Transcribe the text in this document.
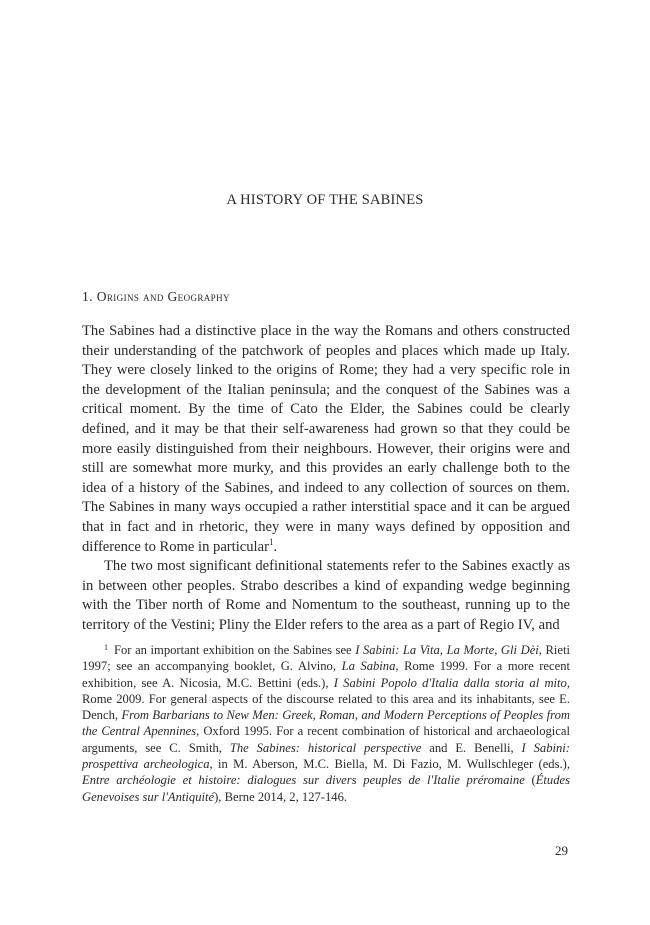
A HISTORY OF THE SABINES
1. Origins and Geography

The Sabines had a distinctive place in the way the Romans and others constructed their understanding of the patchwork of peoples and places which made up Italy. They were closely linked to the origins of Rome; they had a very specific role in the development of the Italian peninsula; and the conquest of the Sabines was a critical moment. By the time of Cato the Elder, the Sabines could be clearly defined, and it may be that their self-awareness had grown so that they could be more easily distinguished from their neighbours. However, their origins were and still are somewhat more murky, and this provides an early challenge both to the idea of a history of the Sabines, and indeed to any collection of sources on them. The Sabines in many ways occupied a rather interstitial space and it can be argued that in fact and in rhetoric, they were in many ways defined by opposition and difference to Rome in particular$^1$.

The two most significant definitional statements refer to the Sabines exactly as in between other peoples. Strabo describes a kind of expanding wedge beginning with the Tiber north of Rome and Nomentum to the southeast, running up to the territory of the Vestini; Pliny the Elder refers to the area as a part of Regio IV, and

$^1$ For an important exhibition on the Sabines see I Sabini: La Vita, La Morte, Gli Dèi, Rieti 1997; see an accompanying booklet, G. Alvino, La Sabina, Rome 1999. For a more recent exhibition, see A. Nicosia, M.C. Bettini (eds.), I Sabini Popolo d'Italia dalla storia al mito, Rome 2009. For general aspects of the discourse related to this area and its inhabitants, see E. Dench, From Barbarians to New Men: Greek, Roman, and Modern Perceptions of Peoples from the Central Apennines, Oxford 1995. For a recent combination of historical and archaeological arguments, see C. Smith, The Sabines: historical perspective and E. Benelli, I Sabini: prospettiva archeologica, in M. Aberson, M.C. Biella, M. Di Fazio, M. Wullschleger (eds.), Entre archéologie et histoire: dialogues sur divers peuples de l'Italie préromaine (Études Genevoises sur l'Antiquité), Berne 2014, 2, 127-146.

29
